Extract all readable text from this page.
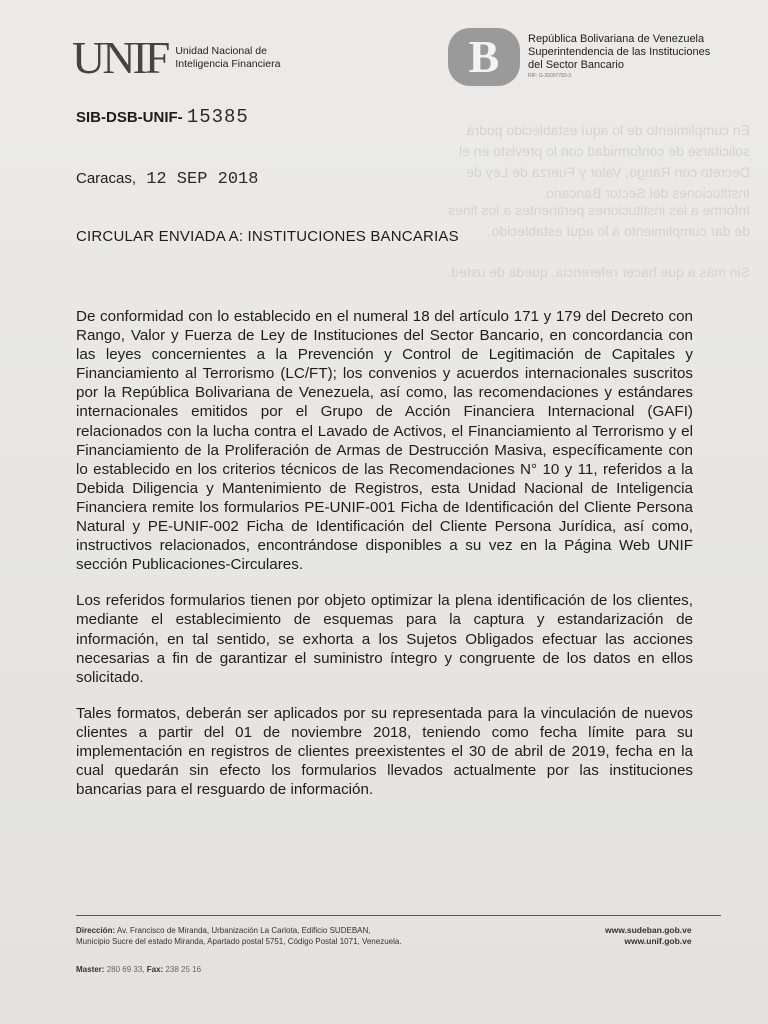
En cumplimiento de lo aquí establecido podrá solicitarse de conformidad con lo previsto en el Decreto con Rango, Valor y Fuerza de Ley de Instituciones del Sector Bancario.
Informe a las instituciones pertinentes a los fines de dar cumplimiento a lo aquí establecido.
Sin más a que hacer referencia, queda de usted.
UNIF Unidad Nacional de
Inteligencia Financiera	B	República Bolivariana de Venezuela
Superintendencia de las Instituciones
del Sector Bancario
RIF: G-20007783-3
SIB-DSB-UNIF- 15385
Caracas, 12 SEP 2018
CIRCULAR ENVIADA A: INSTITUCIONES BANCARIAS

De conformidad con lo establecido en el numeral 18 del artículo 171 y 179 del Decreto con Rango, Valor y Fuerza de Ley de Instituciones del Sector Bancario, en concordancia con las leyes concernientes a la Prevención y Control de Legitimación de Capitales y Financiamiento al Terrorismo (LC/FT); los convenios y acuerdos internacionales suscritos por la República Bolivariana de Venezuela, así como, las recomendaciones y estándares internacionales emitidos por el Grupo de Acción Financiera Internacional (GAFI) relacionados con la lucha contra el Lavado de Activos, el Financiamiento al Terrorismo y el Financiamiento de la Proliferación de Armas de Destrucción Masiva, específicamente con lo establecido en los criterios técnicos de las Recomendaciones N° 10 y 11, referidos a la Debida Diligencia y Mantenimiento de Registros, esta Unidad Nacional de Inteligencia Financiera remite los formularios PE-UNIF-001 Ficha de Identificación del Cliente Persona Natural y PE-UNIF-002 Ficha de Identificación del Cliente Persona Jurídica, así como, instructivos relacionados, encontrándose disponibles a su vez en la Página Web UNIF sección Publicaciones-Circulares.

Los referidos formularios tienen por objeto optimizar la plena identificación de los clientes, mediante el establecimiento de esquemas para la captura y estandarización de información, en tal sentido, se exhorta a los Sujetos Obligados efectuar las acciones necesarias a fin de garantizar el suministro íntegro y congruente de los datos en ellos solicitado.

Tales formatos, deberán ser aplicados por su representada para la vinculación de nuevos clientes a partir del 01 de noviembre 2018, teniendo como fecha límite para su implementación en registros de clientes preexistentes el 30 de abril de 2019, fecha en la cual quedarán sin efecto los formularios llevados actualmente por las instituciones bancarias para el resguardo de información.

Dirección: Av. Francisco de Miranda, Urbanización La Carlota, Edificio SUDEBAN,
Municipio Sucre del estado Miranda, Apartado postal 5751, Código Postal 1071, Venezuela.
www.sudeban.gob.ve
www.unif.gob.ve
Master: 280 69 33, Fax: 238 25 16
